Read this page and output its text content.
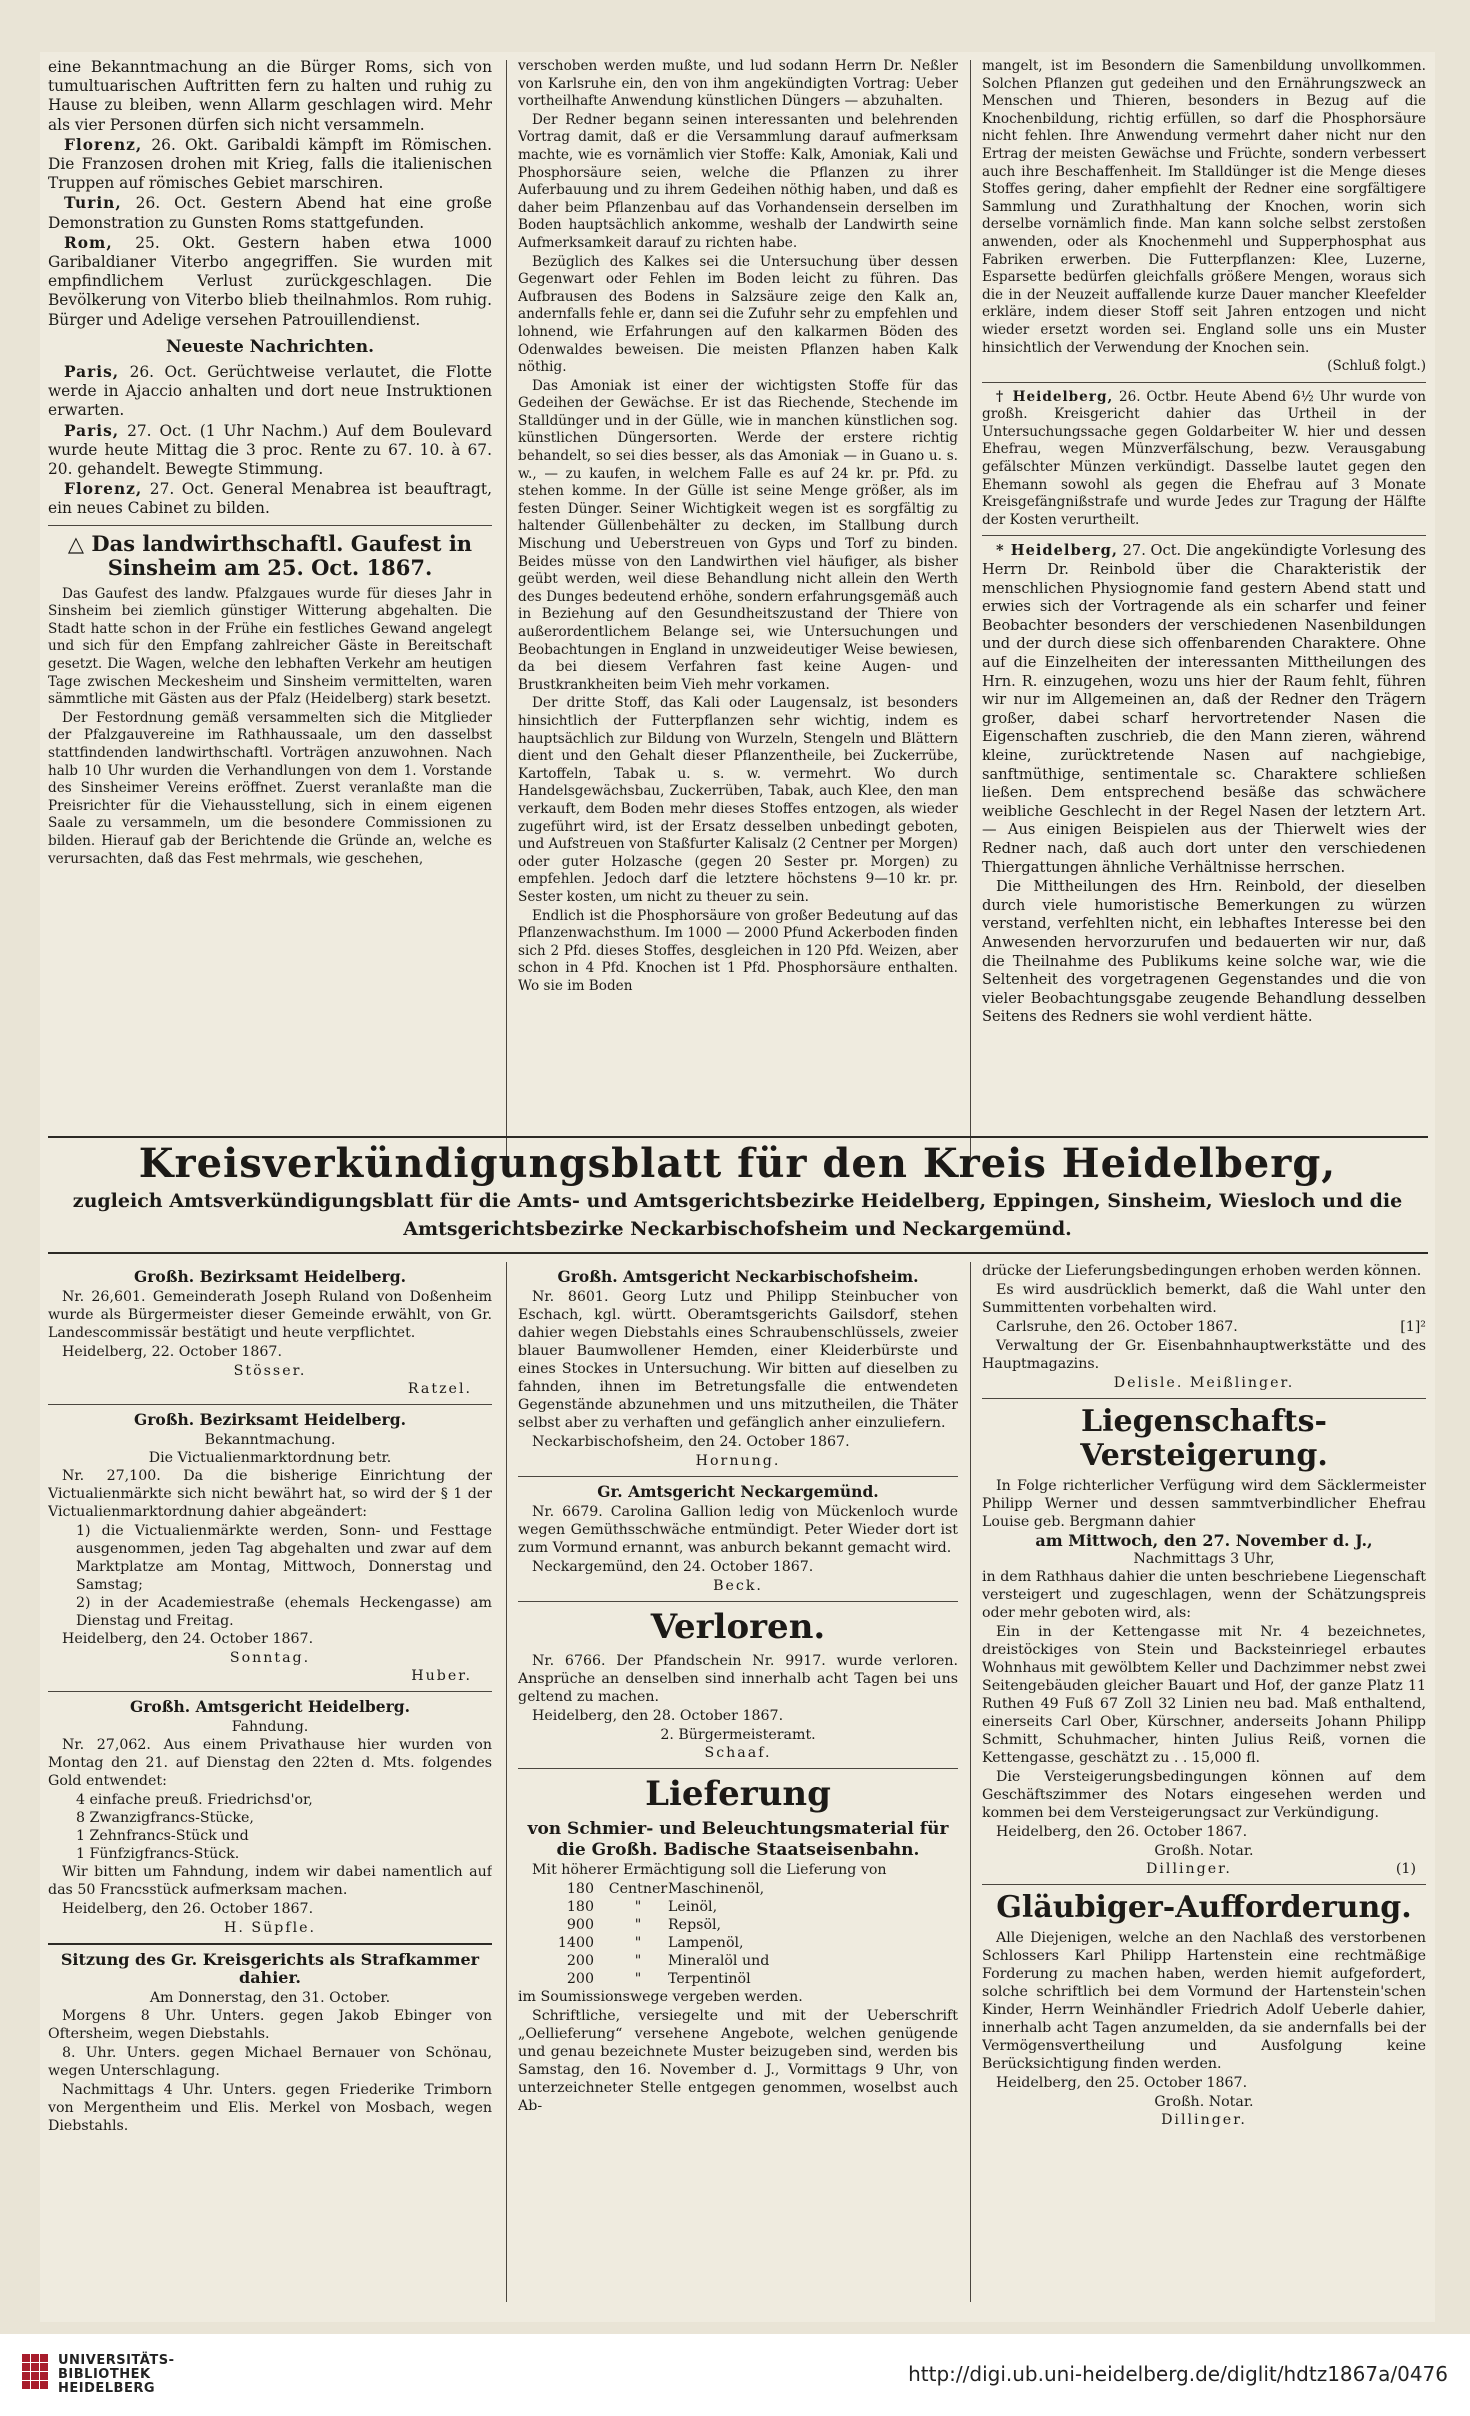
eine Bekanntmachung an die Bürger Roms, sich von tumultuarischen Auftritten fern zu halten und ruhig zu Hause zu bleiben, wenn Allarm geschlagen wird. Mehr als vier Personen dürfen sich nicht versammeln.

Florenz, 26. Okt. Garibaldi kämpft im Römischen. Die Franzosen drohen mit Krieg, falls die italienischen Truppen auf römisches Gebiet marschiren.

Turin, 26. Oct. Gestern Abend hat eine große Demonstration zu Gunsten Roms stattgefunden.

Rom, 25. Okt. Gestern haben etwa 1000 Garibaldianer Viterbo angegriffen. Sie wurden mit empfindlichem Verlust zurückgeschlagen. Die Bevölkerung von Viterbo blieb theilnahmlos. Rom ruhig. Bürger und Adelige versehen Patrouillendienst.

Neueste Nachrichten.

Paris, 26. Oct. Gerüchtweise verlautet, die Flotte werde in Ajaccio anhalten und dort neue Instruktionen erwarten.

Paris, 27. Oct. (1 Uhr Nachm.) Auf dem Boulevard wurde heute Mittag die 3 proc. Rente zu 67. 10. à 67. 20. gehandelt. Bewegte Stimmung.

Florenz, 27. Oct. General Menabrea ist beauftragt, ein neues Cabinet zu bilden.

△ Das landwirthschaftl. Gaufest in Sinsheim am 25. Oct. 1867.

Das Gaufest des landw. Pfalzgaues wurde für dieses Jahr in Sinsheim bei ziemlich günstiger Witterung abgehalten. Die Stadt hatte schon in der Frühe ein festliches Gewand angelegt und sich für den Empfang zahlreicher Gäste in Bereitschaft gesetzt. Die Wagen, welche den lebhaften Verkehr am heutigen Tage zwischen Meckesheim und Sinsheim vermittelten, waren sämmtliche mit Gästen aus der Pfalz (Heidelberg) stark besetzt.

Der Festordnung gemäß versammelten sich die Mitglieder der Pfalzgauvereine im Rathhaussaale, um den dasselbst stattfindenden landwirthschaftl. Vorträgen anzuwohnen. Nach halb 10 Uhr wurden die Verhandlungen von dem 1. Vorstande des Sinsheimer Vereins eröffnet. Zuerst veranlaßte man die Preisrichter für die Viehausstellung, sich in einem eigenen Saale zu versammeln, um die besondere Commissionen zu bilden. Hierauf gab der Berichtende die Gründe an, welche es verursachten, daß das Fest mehrmals, wie geschehen,

verschoben werden mußte, und lud sodann Herrn Dr. Neßler von Karlsruhe ein, den von ihm angekündigten Vortrag: Ueber vortheilhafte Anwendung künstlichen Düngers — abzuhalten.

Der Redner begann seinen interessanten und belehrenden Vortrag damit, daß er die Versammlung darauf aufmerksam machte, wie es vornämlich vier Stoffe: Kalk, Amoniak, Kali und Phosphorsäure seien, welche die Pflanzen zu ihrer Auferbauung und zu ihrem Gedeihen nöthig haben, und daß es daher beim Pflanzenbau auf das Vorhandensein derselben im Boden hauptsächlich ankomme, weshalb der Landwirth seine Aufmerksamkeit darauf zu richten habe.

Bezüglich des Kalkes sei die Untersuchung über dessen Gegenwart oder Fehlen im Boden leicht zu führen. Das Aufbrausen des Bodens in Salzsäure zeige den Kalk an, andernfalls fehle er, dann sei die Zufuhr sehr zu empfehlen und lohnend, wie Erfahrungen auf den kalkarmen Böden des Odenwaldes beweisen. Die meisten Pflanzen haben Kalk nöthig.

Das Amoniak ist einer der wichtigsten Stoffe für das Gedeihen der Gewächse. Er ist das Riechende, Stechende im Stalldünger und in der Gülle, wie in manchen künstlichen sog. künstlichen Düngersorten. Werde der erstere richtig behandelt, so sei dies besser, als das Amoniak — in Guano u. s. w., — zu kaufen, in welchem Falle es auf 24 kr. pr. Pfd. zu stehen komme. In der Gülle ist seine Menge größer, als im festen Dünger. Seiner Wichtigkeit wegen ist es sorgfältig zu haltender Güllenbehälter zu decken, im Stallbung durch Mischung und Ueberstreuen von Gyps und Torf zu binden. Beides müsse von den Landwirthen viel häufiger, als bisher geübt werden, weil diese Behandlung nicht allein den Werth des Dunges bedeutend erhöhe, sondern erfahrungsgemäß auch in Beziehung auf den Gesundheitszustand der Thiere von außerordentlichem Belange sei, wie Untersuchungen und Beobachtungen in England in unzweideutiger Weise bewiesen, da bei diesem Verfahren fast keine Augen- und Brustkrankheiten beim Vieh mehr vorkamen.

Der dritte Stoff, das Kali oder Laugensalz, ist besonders hinsichtlich der Futterpflanzen sehr wichtig, indem es hauptsächlich zur Bildung von Wurzeln, Stengeln und Blättern dient und den Gehalt dieser Pflanzentheile, bei Zuckerrübe, Kartoffeln, Tabak u. s. w. vermehrt. Wo durch Handelsgewächsbau, Zuckerrüben, Tabak, auch Klee, den man verkauft, dem Boden mehr dieses Stoffes entzogen, als wieder zugeführt wird, ist der Ersatz desselben unbedingt geboten, und Aufstreuen von Staßfurter Kalisalz (2 Centner per Morgen) oder guter Holzasche (gegen 20 Sester pr. Morgen) zu empfehlen. Jedoch darf die letztere höchstens 9—10 kr. pr. Sester kosten, um nicht zu theuer zu sein.

Endlich ist die Phosphorsäure von großer Bedeutung auf das Pflanzenwachsthum. Im 1000 — 2000 Pfund Ackerboden finden sich 2 Pfd. dieses Stoffes, desgleichen in 120 Pfd. Weizen, aber schon in 4 Pfd. Knochen ist 1 Pfd. Phosphorsäure enthalten. Wo sie im Boden

mangelt, ist im Besondern die Samenbildung unvollkommen. Solchen Pflanzen gut gedeihen und den Ernährungszweck an Menschen und Thieren, besonders in Bezug auf die Knochenbildung, richtig erfüllen, so darf die Phosphorsäure nicht fehlen. Ihre Anwendung vermehrt daher nicht nur den Ertrag der meisten Gewächse und Früchte, sondern verbessert auch ihre Beschaffenheit. Im Stalldünger ist die Menge dieses Stoffes gering, daher empfiehlt der Redner eine sorgfältigere Sammlung und Zurathhaltung der Knochen, worin sich derselbe vornämlich finde. Man kann solche selbst zerstoßen anwenden, oder als Knochenmehl und Supperphosphat aus Fabriken erwerben. Die Futterpflanzen: Klee, Luzerne, Esparsette bedürfen gleichfalls größere Mengen, woraus sich die in der Neuzeit auffallende kurze Dauer mancher Kleefelder erkläre, indem dieser Stoff seit Jahren entzogen und nicht wieder ersetzt worden sei. England solle uns ein Muster hinsichtlich der Verwendung der Knochen sein.

(Schluß folgt.)

† Heidelberg, 26. Octbr. Heute Abend 6½ Uhr wurde von großh. Kreisgericht dahier das Urtheil in der Untersuchungssache gegen Goldarbeiter W. hier und dessen Ehefrau, wegen Münzverfälschung, bezw. Verausgabung gefälschter Münzen verkündigt. Dasselbe lautet gegen den Ehemann sowohl als gegen die Ehefrau auf 3 Monate Kreisgefängnißstrafe und wurde Jedes zur Tragung der Hälfte der Kosten verurtheilt.

* Heidelberg, 27. Oct. Die angekündigte Vorlesung des Herrn Dr. Reinbold über die Charakteristik der menschlichen Physiognomie fand gestern Abend statt und erwies sich der Vortragende als ein scharfer und feiner Beobachter besonders der verschiedenen Nasenbildungen und der durch diese sich offenbarenden Charaktere. Ohne auf die Einzelheiten der interessanten Mittheilungen des Hrn. R. einzugehen, wozu uns hier der Raum fehlt, führen wir nur im Allgemeinen an, daß der Redner den Trägern großer, dabei scharf hervortretender Nasen die Eigenschaften zuschrieb, die den Mann zieren, während kleine, zurücktretende Nasen auf nachgiebige, sanftmüthige, sentimentale sc. Charaktere schließen ließen. Dem entsprechend besäße das schwächere weibliche Geschlecht in der Regel Nasen der letztern Art. — Aus einigen Beispielen aus der Thierwelt wies der Redner nach, daß auch dort unter den verschiedenen Thiergattungen ähnliche Verhältnisse herrschen.

Die Mittheilungen des Hrn. Reinbold, der dieselben durch viele humoristische Bemerkungen zu würzen verstand, verfehlten nicht, ein lebhaftes Interesse bei den Anwesenden hervorzurufen und bedauerten wir nur, daß die Theilnahme des Publikums keine solche war, wie die Seltenheit des vorgetragenen Gegenstandes und die von vieler Beobachtungsgabe zeugende Behandlung desselben Seitens des Redners sie wohl verdient hätte.

Kreisverkündigungsblatt für den Kreis Heidelberg,
zugleich Amtsverkündigungsblatt für die Amts- und Amtsgerichtsbezirke Heidelberg, Eppingen, Sinsheim, Wiesloch und die
Amtsgerichtsbezirke Neckarbischofsheim und Neckargemünd.
Großh. Bezirksamt Heidelberg.

Nr. 26,601. Gemeinderath Joseph Ruland von Doßenheim wurde als Bürgermeister dieser Gemeinde erwählt, von Gr. Landescommissär bestätigt und heute verpflichtet.

Heidelberg, 22. October 1867.

Stösser.
Ratzel.
Großh. Bezirksamt Heidelberg.
Bekanntmachung.
Die Victualienmarktordnung betr.

Nr. 27,100. Da die bisherige Einrichtung der Victualienmärkte sich nicht bewährt hat, so wird der § 1 der Victualienmarktordnung dahier abgeändert:

1) die Victualienmärkte werden, Sonn- und Festtage ausgenommen, jeden Tag abgehalten und zwar auf dem Marktplatze am Montag, Mittwoch, Donnerstag und Samstag;
2) in der Academiestraße (ehemals Heckengasse) am Dienstag und Freitag.

Heidelberg, den 24. October 1867.

Sonntag.
Huber.
Großh. Amtsgericht Heidelberg.
Fahndung.

Nr. 27,062. Aus einem Privathause hier wurden von Montag den 21. auf Dienstag den 22ten d. Mts. folgendes Gold entwendet:

4 einfache preuß. Friedrichsd'or,
8 Zwanzigfrancs-Stücke,
1 Zehnfrancs-Stück und
1 Fünfzigfrancs-Stück.

Wir bitten um Fahndung, indem wir dabei namentlich auf das 50 Francsstück aufmerksam machen.

Heidelberg, den 26. October 1867.

H. Süpfle.
Sitzung des Gr. Kreisgerichts als Strafkammer dahier.
Am Donnerstag, den 31. October.

Morgens 8 Uhr. Unters. gegen Jakob Ebinger von Oftersheim, wegen Diebstahls.

8. Uhr. Unters. gegen Michael Bernauer von Schönau, wegen Unterschlagung.

Nachmittags 4 Uhr. Unters. gegen Friederike Trimborn von Mergentheim und Elis. Merkel von Mosbach, wegen Diebstahls.

Großh. Amtsgericht Neckarbischofsheim.

Nr. 8601. Georg Lutz und Philipp Steinbucher von Eschach, kgl. württ. Oberamtsgerichts Gailsdorf, stehen dahier wegen Diebstahls eines Schraubenschlüssels, zweier blauer Baumwollener Hemden, einer Kleiderbürste und eines Stockes in Untersuchung. Wir bitten auf dieselben zu fahnden, ihnen im Betretungsfalle die entwendeten Gegenstände abzunehmen und uns mitzutheilen, die Thäter selbst aber zu verhaften und gefänglich anher einzuliefern.

Neckarbischofsheim, den 24. October 1867.

Hornung.
Gr. Amtsgericht Neckargemünd.

Nr. 6679. Carolina Gallion ledig von Mückenloch wurde wegen Gemüthsschwäche entmündigt. Peter Wieder dort ist zum Vormund ernannt, was anburch bekannt gemacht wird.

Neckargemünd, den 24. October 1867.

Beck.
Verloren.

Nr. 6766. Der Pfandschein Nr. 9917. wurde verloren. Ansprüche an denselben sind innerhalb acht Tagen bei uns geltend zu machen.

Heidelberg, den 28. October 1867.

2. Bürgermeisteramt.
Schaaf.
Lieferung
von Schmier- und Beleuchtungsmaterial für die Großh. Badische Staatseisenbahn.

Mit höherer Ermächtigung soll die Lieferung von

180	Centner Maschinenöl,
180	"	Leinöl,
900	"	Repsöl,
1400	"	Lampenöl,
200	"	Mineralöl und
200	"	Terpentinöl

im Soumissionswege vergeben werden.

Schriftliche, versiegelte und mit der Ueberschrift „Oellieferung“ versehene Angebote, welchen genügende und genau bezeichnete Muster beizugeben sind, werden bis Samstag, den 16. November d. J., Vormittags 9 Uhr, von unterzeichneter Stelle entgegen genommen, woselbst auch Ab-

drücke der Lieferungsbedingungen erhoben werden können.

Es wird ausdrücklich bemerkt, daß die Wahl unter den Summittenten vorbehalten wird.

Carlsruhe, den 26. October 1867.	[1]²

Verwaltung der Gr. Eisenbahnhauptwerkstätte und des Hauptmagazins.

Delisle. Meißlinger.
Liegenschafts-Versteigerung.

In Folge richterlicher Verfügung wird dem Säcklermeister Philipp Werner und dessen sammtverbindlicher Ehefrau Louise geb. Bergmann dahier

am Mittwoch, den 27. November d. J.,
Nachmittags 3 Uhr,

in dem Rathhaus dahier die unten beschriebene Liegenschaft versteigert und zugeschlagen, wenn der Schätzungspreis oder mehr geboten wird, als:

Ein in der Kettengasse mit Nr. 4 bezeichnetes, dreistöckiges von Stein und Backsteinriegel erbautes Wohnhaus mit gewölbtem Keller und Dachzimmer nebst zwei Seitengebäuden gleicher Bauart und Hof, der ganze Platz 11 Ruthen 49 Fuß 67 Zoll 32 Linien neu bad. Maß enthaltend, einerseits Carl Ober, Kürschner, anderseits Johann Philipp Schmitt, Schuhmacher, hinten Julius Reiß, vornen die Kettengasse, geschätzt zu . . 15,000 fl.

Die Versteigerungsbedingungen können auf dem Geschäftszimmer des Notars eingesehen werden und kommen bei dem Versteigerungsact zur Verkündigung.

Heidelberg, den 26. October 1867.

Großh. Notar.
Dillinger.	(1)
Gläubiger-Aufforderung.

Alle Diejenigen, welche an den Nachlaß des verstorbenen Schlossers Karl Philipp Hartenstein eine rechtmäßige Forderung zu machen haben, werden hiemit aufgefordert, solche schriftlich bei dem Vormund der Hartenstein'schen Kinder, Herrn Weinhändler Friedrich Adolf Ueberle dahier, innerhalb acht Tagen anzumelden, da sie andernfalls bei der Vermögensvertheilung und Ausfolgung keine Berücksichtigung finden werden.

Heidelberg, den 25. October 1867.

Großh. Notar.
Dillinger.
UNIVERSITÄTS-
BIBLIOTHEK
HEIDELBERG
http://digi.ub.uni-heidelberg.de/diglit/hdtz1867a/0476
